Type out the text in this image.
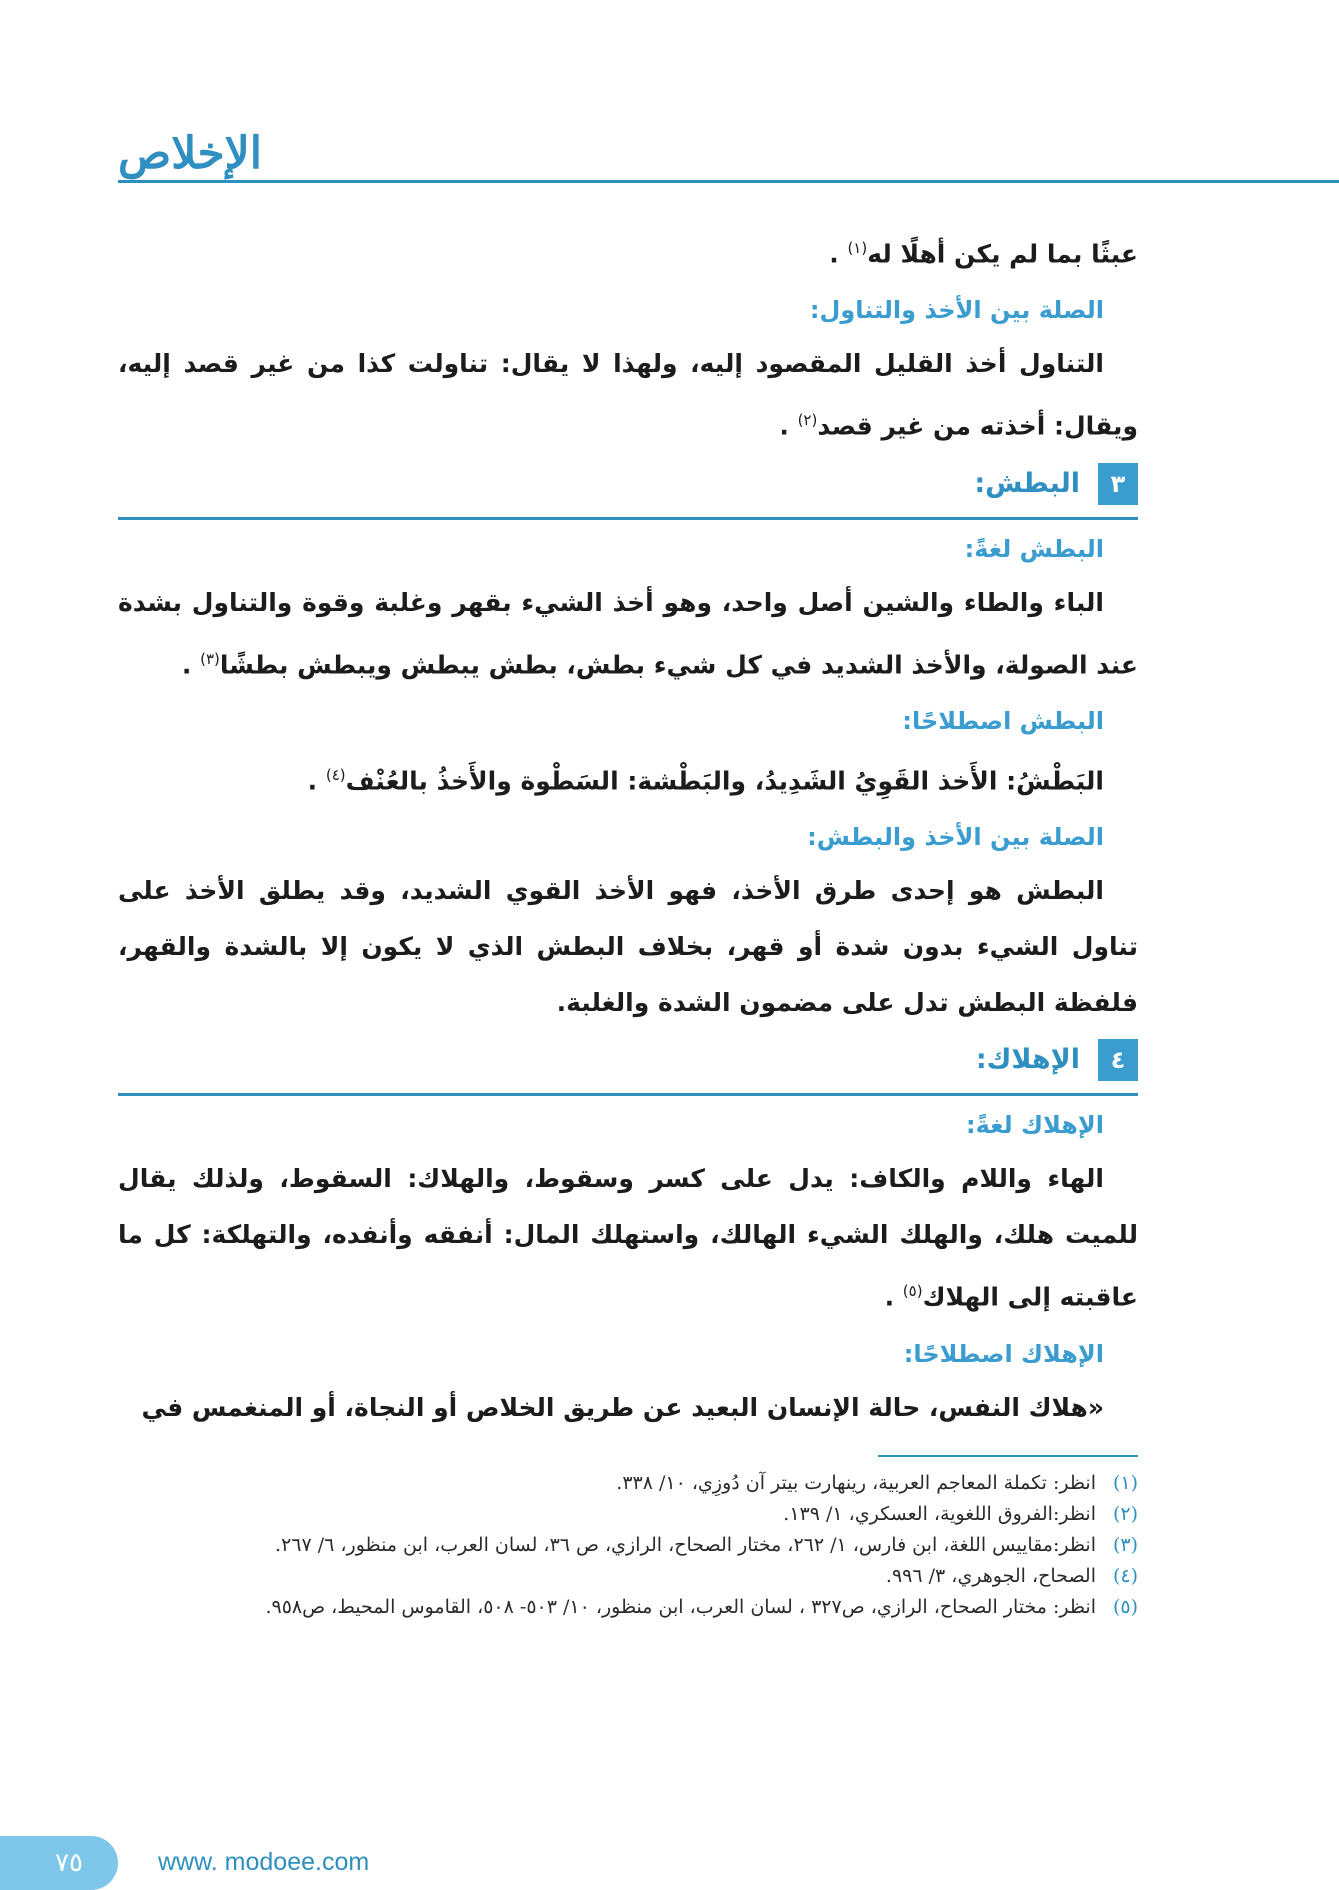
الإخلاص

عبثًا بما لم يكن أهلًا له$^{(١)}$ .

الصلة بين الأخذ والتناول:

التناول أخذ القليل المقصود إليه، ولهذا لا يقال: تناولت كذا من غير قصد إليه، ويقال: أخذته من غير قصد$^{(٢)}$ .

٣
البطش:

البطش لغةً:

الباء والطاء والشين أصل واحد، وهو أخذ الشيء بقهر وغلبة وقوة والتناول بشدة عند الصولة، والأخذ الشديد في كل شيء بطش، بطش يبطش ويبطش بطشًا$^{(٣)}$ .

البطش اصطلاحًا:

البَطْشُ: الأَخذ القَوِيُ الشَدِيدُ، والبَطْشة: السَطْوة والأَخذُ بالعُنْف$^{(٤)}$ .

الصلة بين الأخذ والبطش:

البطش هو إحدى طرق الأخذ، فهو الأخذ القوي الشديد، وقد يطلق الأخذ على تناول الشيء بدون شدة أو قهر، بخلاف البطش الذي لا يكون إلا بالشدة والقهر، فلفظة البطش تدل على مضمون الشدة والغلبة.

٤
الإهلاك:

الإهلاك لغةً:

الهاء واللام والكاف: يدل على كسر وسقوط، والهلاك: السقوط، ولذلك يقال للميت هلك، والهلك الشيء الهالك، واستهلك المال: أنفقه وأنفده، والتهلكة: كل ما عاقبته إلى الهلاك$^{(٥)}$ .

الإهلاك اصطلاحًا:

«هلاك النفس، حالة الإنسان البعيد عن طريق الخلاص أو النجاة، أو المنغمس في

(١)
انظر: تكملة المعاجم العربية، رينهارت بيتر آن دُوزِي، ١٠/ ٣٣٨.
(٢)
انظر:الفروق اللغوية، العسكري، ١/ ١٣٩.
(٣)
انظر:مقاييس اللغة، ابن فارس، ١/ ٢٦٢، مختار الصحاح، الرازي، ص ٣٦، لسان العرب، ابن منظور، ٦/ ٢٦٧.
(٤)
الصحاح، الجوهري، ٣/ ٩٩٦.
(٥)
انظر: مختار الصحاح، الرازي، ص٣٢٧ ، لسان العرب، ابن منظور، ١٠/ ٥٠٣- ٥٠٨، القاموس المحيط، ص٩٥٨.
٧٥	www. modoee.com
